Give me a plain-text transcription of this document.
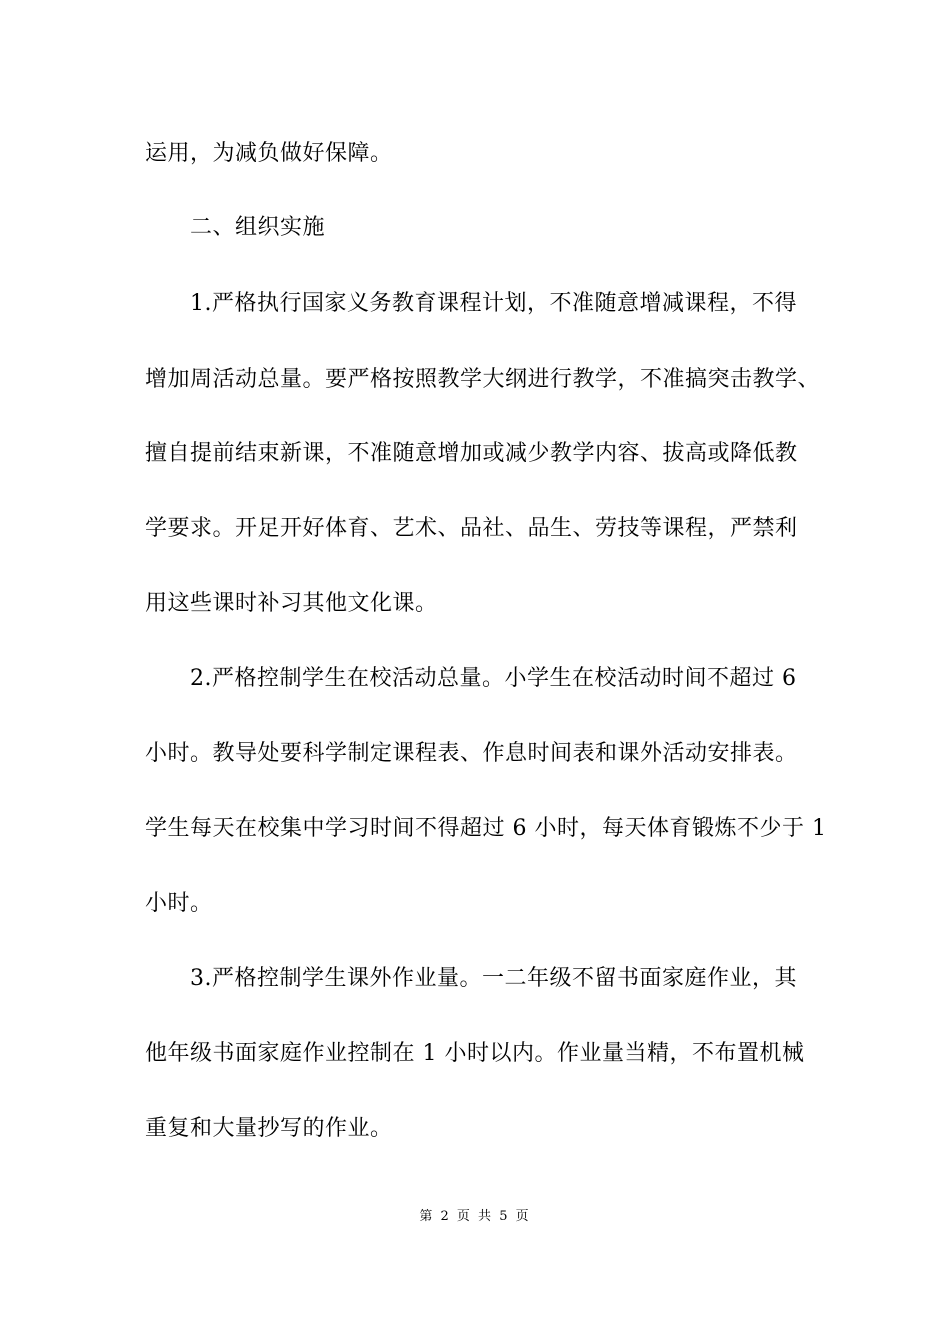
运用，为减负做好保障。
二、组织实施
1.严格执行国家义务教育课程计划，不准随意增减课程，不得
增加周活动总量。要严格按照教学大纲进行教学，不准搞突击教学、
擅自提前结束新课，不准随意增加或减少教学内容、拔高或降低教
学要求。开足开好体育、艺术、品社、品生、劳技等课程，严禁利
用这些课时补习其他文化课。
2.严格控制学生在校活动总量。小学生在校活动时间不超过 6
小时。教导处要科学制定课程表、作息时间表和课外活动安排表。
学生每天在校集中学习时间不得超过 6 小时，每天体育锻炼不少于 1
小时。
3.严格控制学生课外作业量。一二年级不留书面家庭作业，其
他年级书面家庭作业控制在 1 小时以内。作业量当精，不布置机械
重复和大量抄写的作业。
第 2 页 共 5 页
